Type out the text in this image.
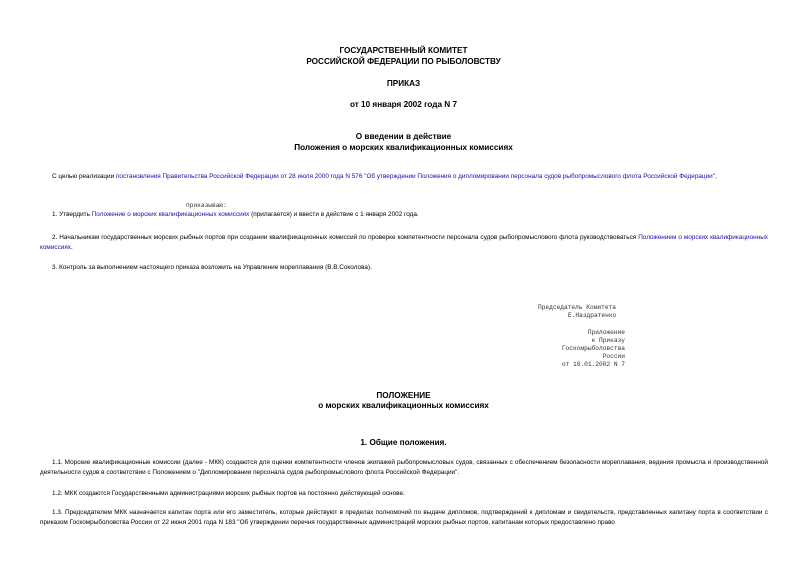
ГОСУДАРСТВЕННЫЙ КОМИТЕТ
РОССИЙСКОЙ ФЕДЕРАЦИИ ПО РЫБОЛОВСТВУ
ПРИКАЗ
от 10 января 2002 года N 7
О введении в действие
Положения о морских квалификационных комиссиях
С целью реализации постановления Правительства Российской Федерации от 28 июля 2000 года N 576 "Об утверждении Положения о дипломировании персонала судов рыбопромыслового флота Российской Федерации",
приказываю:
1. Утвердить Положение о морских квалификационных комиссиях (прилагается) и ввести в действие с 1 января 2002 года.
2. Начальникам государственных морских рыбных портов при создании квалификационных комиссий по проверке компетентности персонала судов рыбопромыслового флота руководствоваться Положением о морских квалификационных комиссиях.
3. Контроль за выполнением настоящего приказа возложить на Управление мореплавания (В.В.Соколова).
Председатель Комитета
Е.Наздратенко
Приложение
к Приказу
Госкомрыболовства
России
от 10.01.2002 N 7
ПОЛОЖЕНИЕ
о морских квалификационных комиссиях
1. Общие положения.
1.1. Морские квалификационные комиссии (далее - МКК) создаются для оценки компетентности членов экипажей рыбопромысловых судов, связанных с обеспечением безопасности мореплавания, ведения промысла и производственной деятельности судов в соответствии с Положением о "Дипломировании персонала судов рыбопромыслового флота Российской Федерации".
1.2. МКК создаются Государственными администрациями морских рыбных портов на постоянно действующей основе.
1.3. Председателем МКК назначается капитан порта или его заместитель, которые действуют в пределах полномочий по выдаче дипломов, подтверждений к дипломам и свидетельств, представленных капитану порта в соответствии с приказом Госкомрыболовства России от 22 июня 2001 года N 183 "Об утверждении перечня государственных администраций морских рыбных портов, капитанам которых предоставлено право
